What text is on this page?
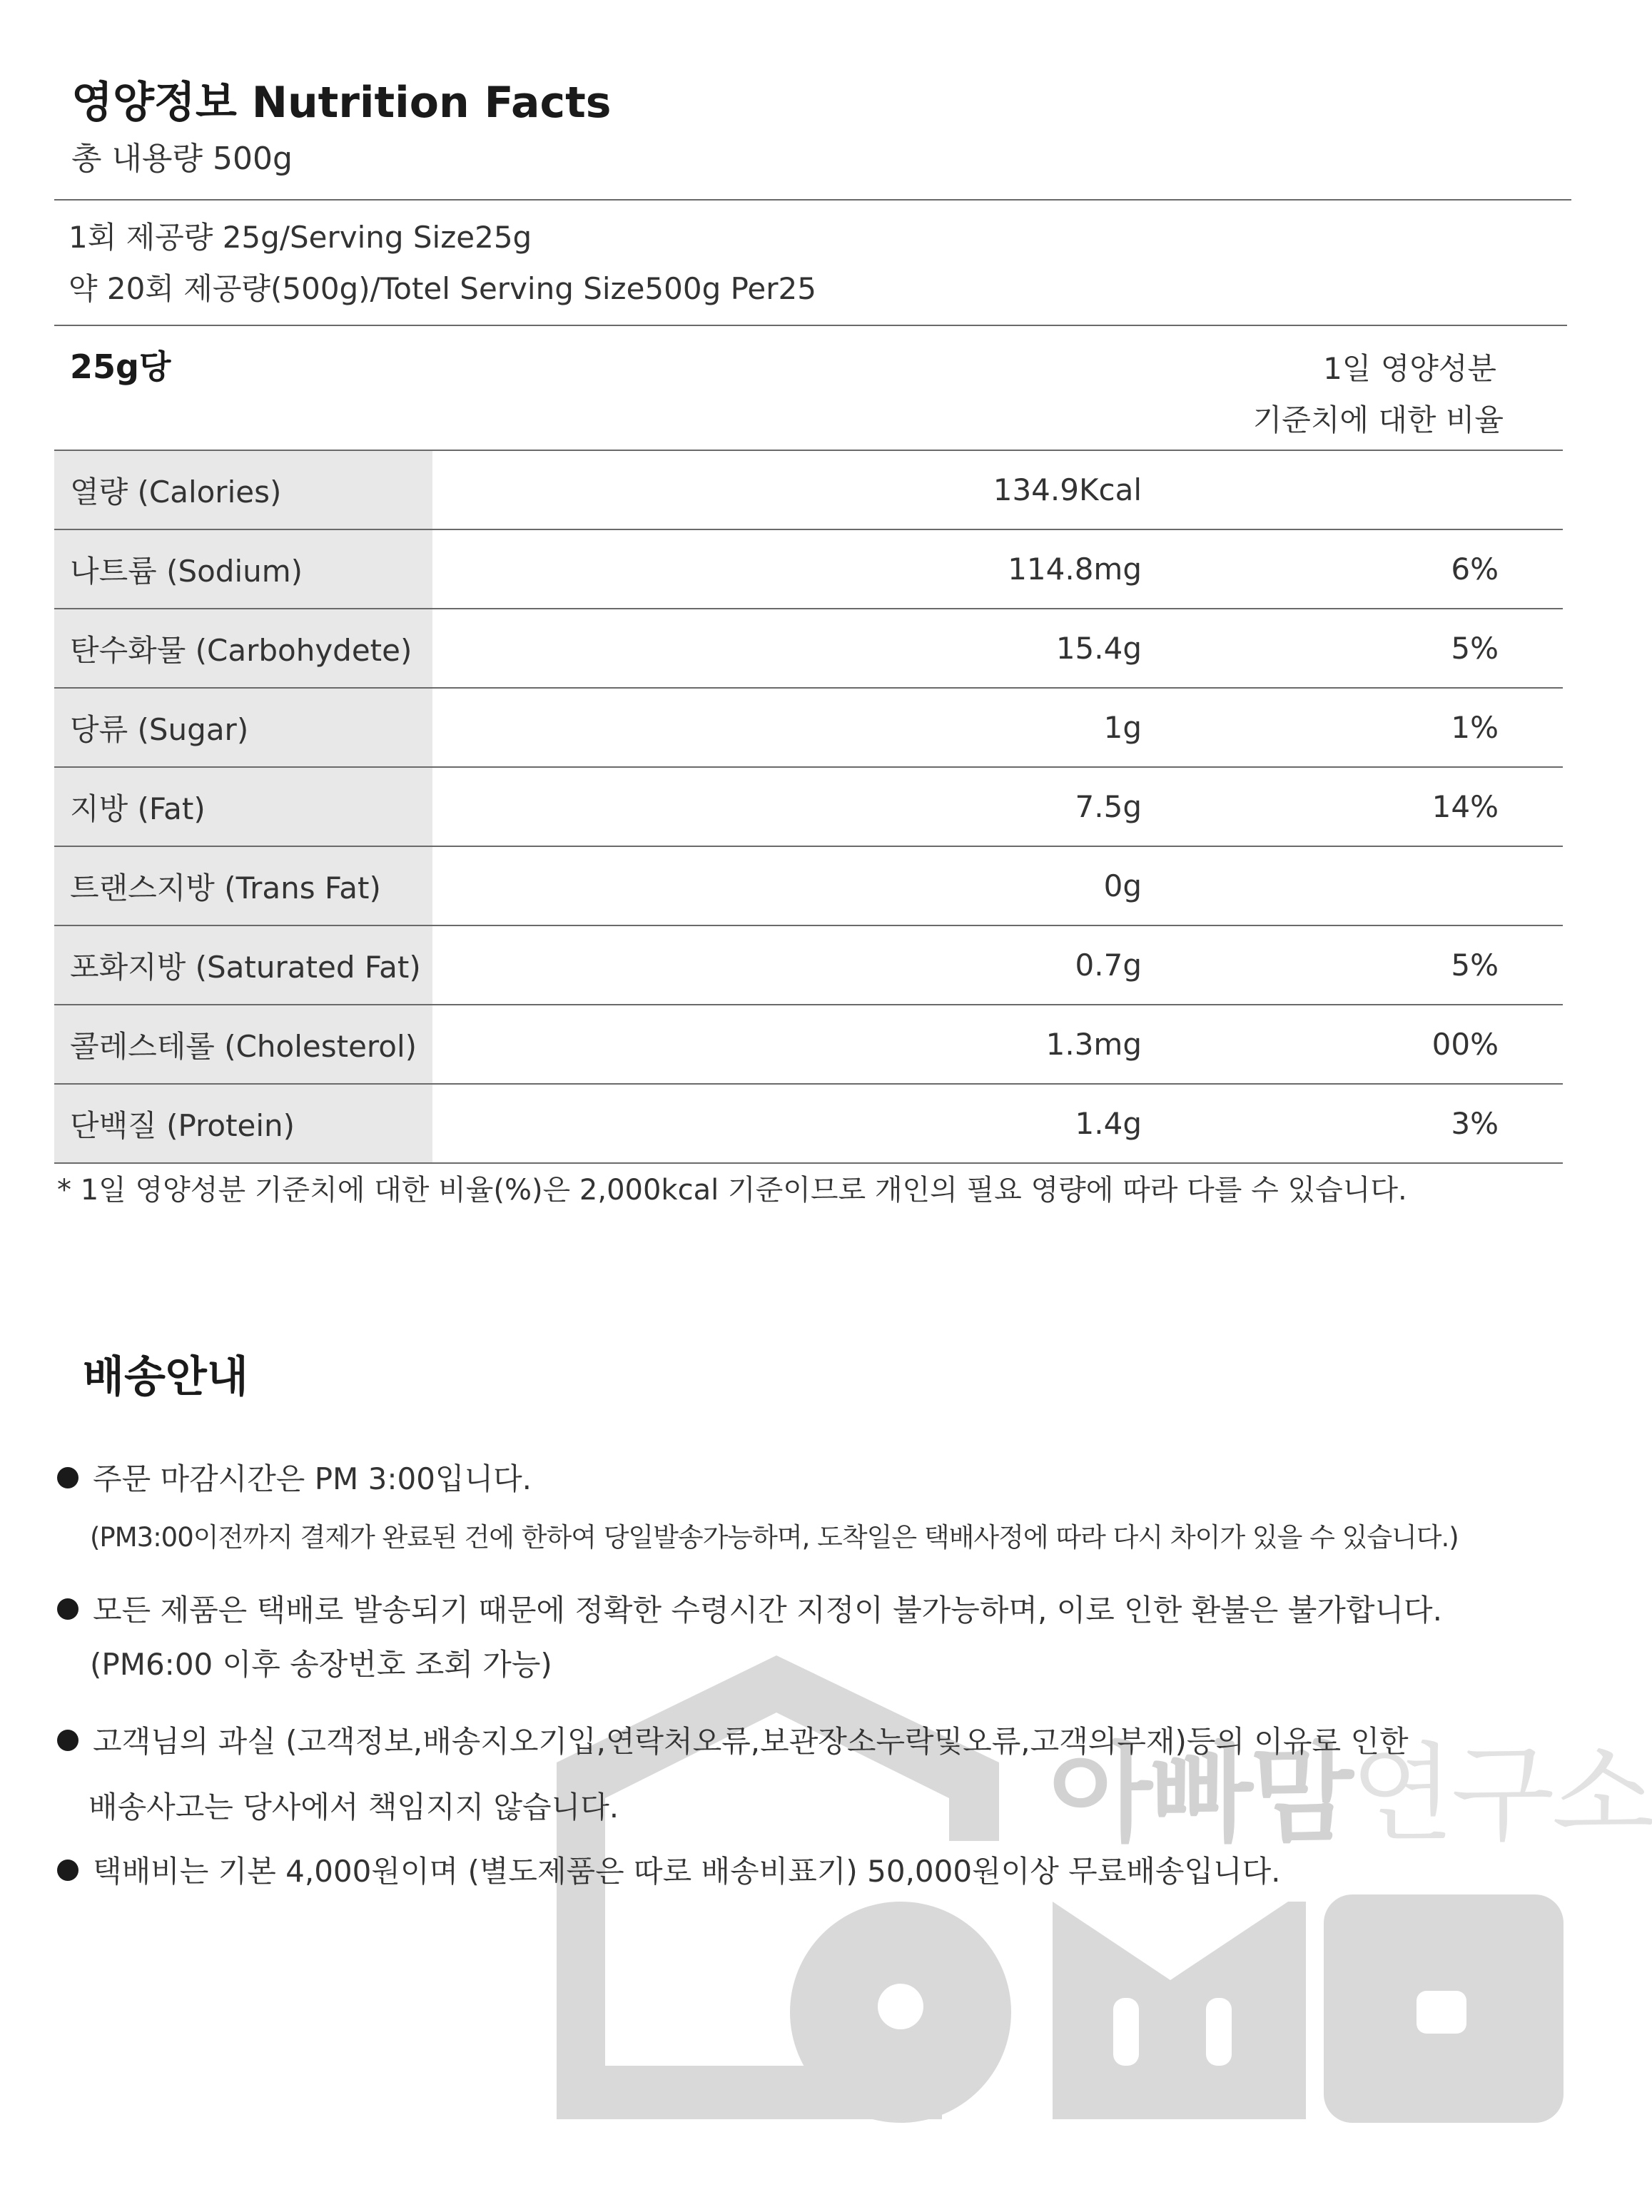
아빠맘연구소
영양정보 Nutrition Facts
총 내용량 500g
1회 제공량 25g/Serving Size25g
약 20회 제공량(500g)/Totel Serving Size500g Per25
25g당	1일 영양성분
기준치에 대한 비율
열량 (Calories)	134.9Kcal
나트륨 (Sodium)	114.8mg	6%
탄수화물 (Carbohydete)	15.4g	5%
당류 (Sugar)	1g	1%
지방 (Fat)	7.5g	14%
트랜스지방 (Trans Fat)	0g
포화지방 (Saturated Fat)	0.7g	5%
콜레스테롤 (Cholesterol)	1.3mg	00%
단백질 (Protein)	1.4g	3%
* 1일 영양성분 기준치에 대한 비율(%)은 2,000kcal 기준이므로 개인의 필요 영량에 따라 다를 수 있습니다.
배송안내
주문 마감시간은 PM 3:00입니다.
(PM3:00이전까지 결제가 완료된 건에 한하여 당일발송가능하며, 도착일은 택배사정에 따라 다시 차이가 있을 수 있습니다.)
모든 제품은 택배로 발송되기 때문에 정확한 수령시간 지정이 불가능하며, 이로 인한 환불은 불가합니다.
(PM6:00 이후 송장번호 조회 가능)
고객님의 과실 (고객정보,배송지오기입,연락처오류,보관장소누락및오류,고객의부재)등의 이유로 인한
배송사고는 당사에서 책임지지 않습니다.
택배비는 기본 4,000원이며 (별도제품은 따로 배송비표기) 50,000원이상 무료배송입니다.
